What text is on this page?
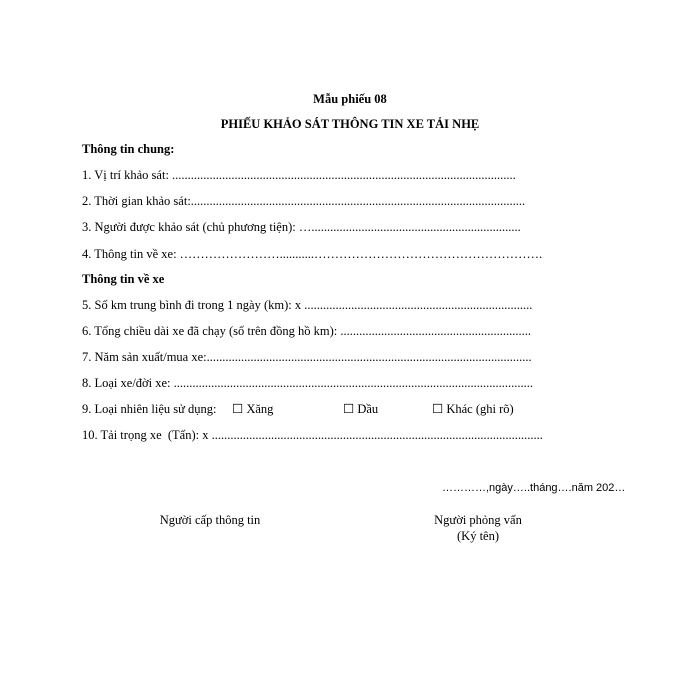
Mẫu phiếu 08
PHIẾU KHẢO SÁT THÔNG TIN XE TẢI NHẸ
Thông tin chung:
1. Vị trí khảo sát: ..............................................................................................................
2. Thời gian khảo sát:...........................................................................................................
3. Người được khảo sát (chủ phương tiện): …...................................................................
4. Thông tin về xe: ……………………...........……………………………………………….
Thông tin về xe
5. Số km trung bình đi trong 1 ngày (km): x .........................................................................
6. Tổng chiều dài xe đã chạy (số trên đồng hồ km): .............................................................
7. Năm sản xuất/mua xe:........................................................................................................
8. Loại xe/đời xe: ...................................................................................................................
9. Loại nhiên liệu sử dụng: ☐ Xăng	☐ Dầu	☐ Khác (ghi rõ)
10. Tải trọng xe  (Tấn): x ..........................................................................................................
…………,ngày…..tháng….năm 202…
Người cấp thông tin	Người phỏng vấn
(Ký tên)
